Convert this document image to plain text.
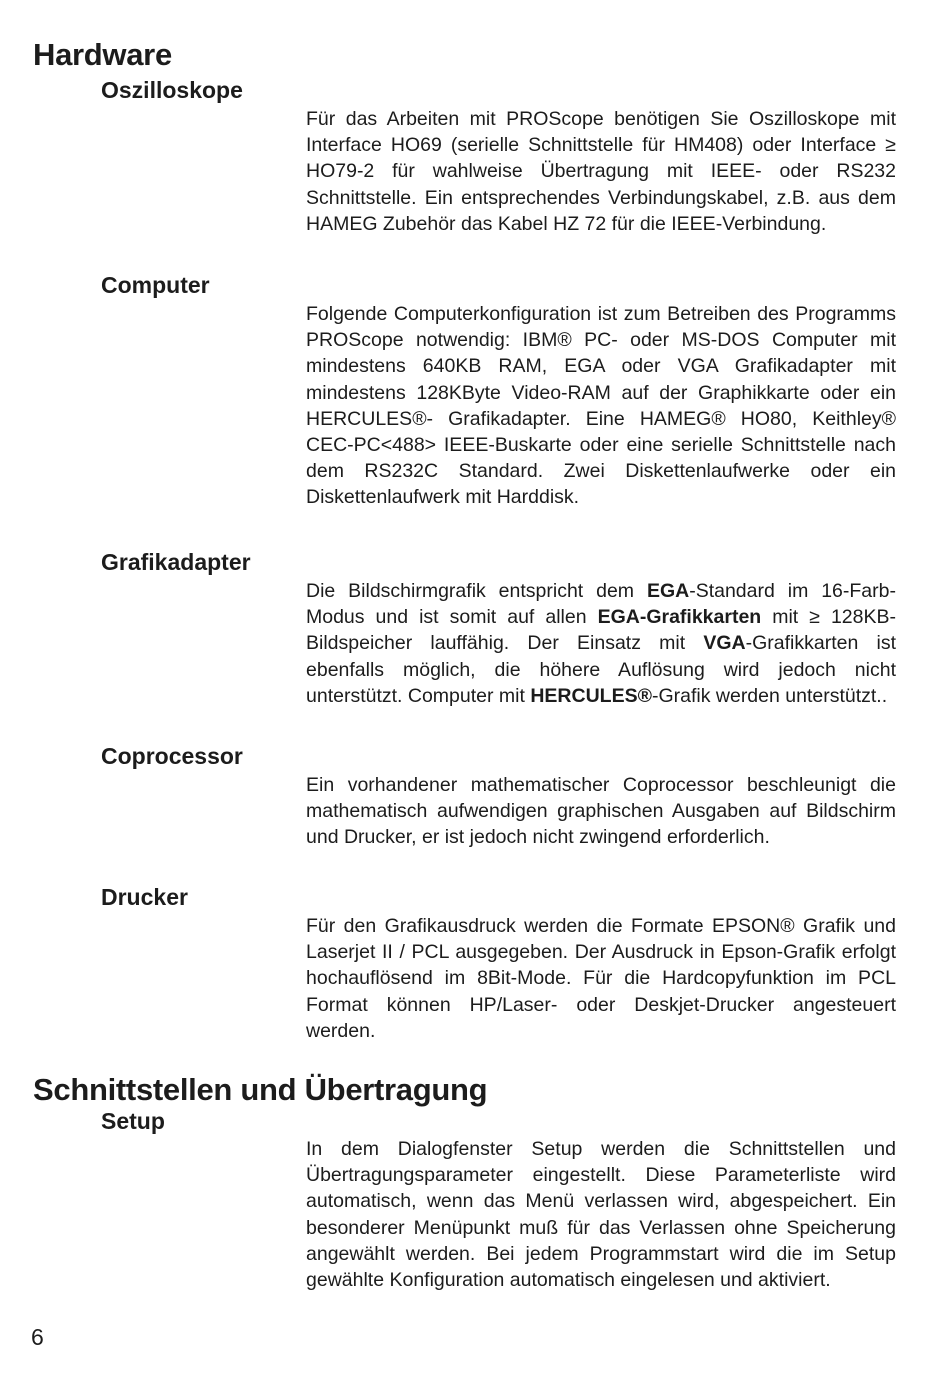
Hardware
Oszilloskope

Für das Arbeiten mit PROScope benötigen Sie Oszilloskope mit Interface HO69 (serielle Schnittstelle für HM408) oder Interface ≥ HO79-2 für wahlweise Übertragung mit IEEE- oder RS232 Schnittstelle. Ein entsprechendes Verbindungskabel, z.B. aus dem HAMEG Zubehör das Kabel HZ 72 für die IEEE-Verbindung.

Computer

Folgende Computerkonfiguration ist zum Betreiben des Programms PROScope notwendig: IBM® PC- oder MS-DOS Computer mit mindestens 640KB RAM, EGA oder VGA Grafikadapter mit mindestens 128KByte Video-RAM auf der Graphikkarte oder ein HERCULES®- Grafikadapter. Eine HAMEG® HO80, Keithley® CEC-PC<488> IEEE-Buskarte oder eine serielle Schnittstelle nach dem RS232C Standard. Zwei Diskettenlaufwerke oder ein Diskettenlaufwerk mit Harddisk.

Grafikadapter

Die Bildschirmgrafik entspricht dem EGA-Standard im 16-Farb-Modus und ist somit auf allen EGA-Grafikkarten mit ≥ 128KB-Bildspeicher lauffähig. Der Einsatz mit VGA-Grafikkarten ist ebenfalls möglich, die höhere Auflösung wird jedoch nicht unterstützt. Computer mit HERCULES®-Grafik werden unterstützt..

Coprocessor

Ein vorhandener mathematischer Coprocessor beschleunigt die mathematisch aufwendigen graphischen Ausgaben auf Bildschirm und Drucker, er ist jedoch nicht zwingend erforderlich.

Drucker

Für den Grafikausdruck werden die Formate EPSON® Grafik und Laserjet II / PCL ausgegeben. Der Ausdruck in Epson-Grafik erfolgt hochauflösend im 8Bit-Mode. Für die Hardcopyfunktion im PCL Format können HP/Laser- oder Deskjet-Drucker angesteuert werden.

Schnittstellen und Übertragung
Setup

In dem Dialogfenster Setup werden die Schnittstellen und Übertragungsparameter eingestellt. Diese Parameterliste wird automatisch, wenn das Menü verlassen wird, abgespeichert. Ein besonderer Menüpunkt muß für das Verlassen ohne Speicherung angewählt werden. Bei jedem Programmstart wird die im Setup gewählte Konfiguration automatisch eingelesen und aktiviert.

6
